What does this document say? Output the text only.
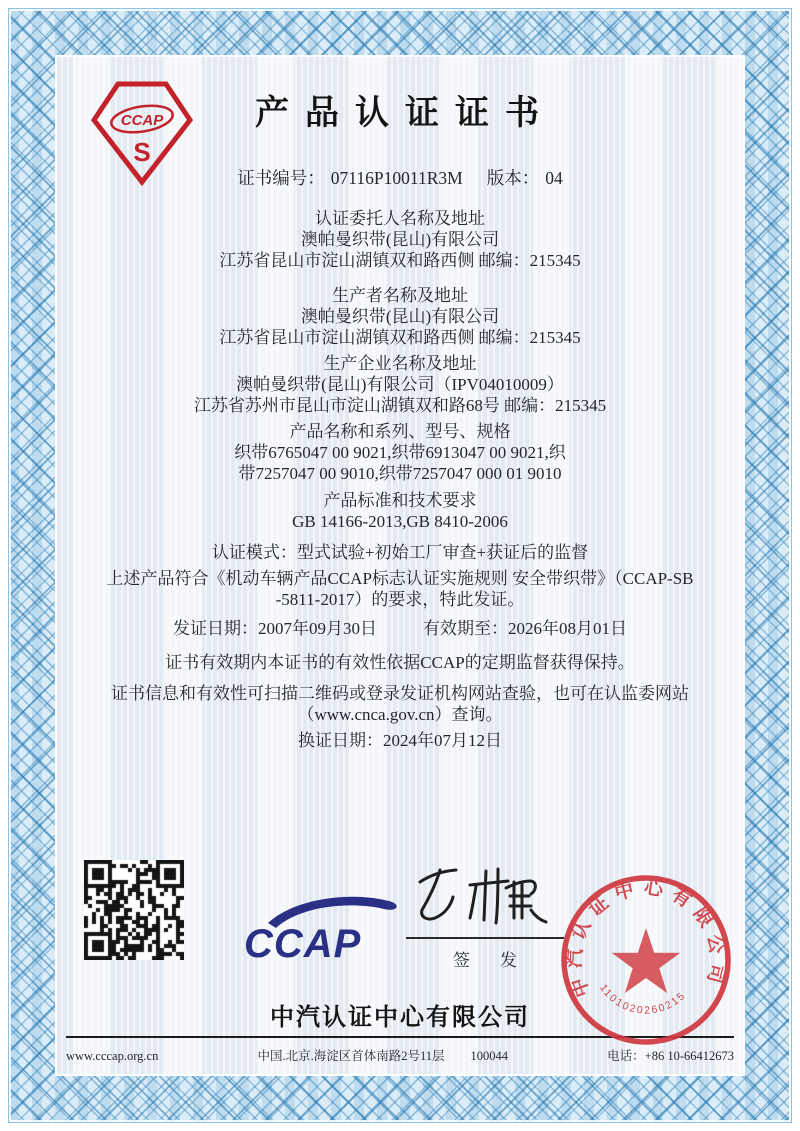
CCAP
S
产品认证证书
证书编号： 07116P10011R3M 版本： 04
认证委托人名称及地址
澳帕曼织带(昆山)有限公司
江苏省昆山市淀山湖镇双和路西侧 邮编：215345
生产者名称及地址
澳帕曼织带(昆山)有限公司
江苏省昆山市淀山湖镇双和路西侧 邮编：215345
生产企业名称及地址
澳帕曼织带(昆山)有限公司（IPV04010009）
江苏省苏州市昆山市淀山湖镇双和路68号 邮编：215345
产品名称和系列、型号、规格
织带6765047 00 9021,织带6913047 00 9021,织
带7257047 00 9010,织带7257047 000 01 9010
产品标准和技术要求
GB 14166-2013,GB 8410-2006
认证模式：型式试验+初始工厂审查+获证后的监督
上述产品符合《机动车辆产品CCAP标志认证实施规则 安全带织带》（CCAP-SB
-5811-2017）的要求，特此发证。
发证日期：2007年09月30日	有效期至：2026年08月01日
证书有效期内本证书的有效性依据CCAP的定期监督获得保持。
证书信息和有效性可扫描二维码或登录发证机构网站查验，也可在认监委网站
（www.cnca.gov.cn）查询。
换证日期：2024年07月12日
CCAP	签发
中汽认证中心有限公司
1101020260215
中汽认证中心有限公司
www.cccap.org.cn	中国.北京.海淀区首体南路2号11层 100044	电话：+86 10-66412673
